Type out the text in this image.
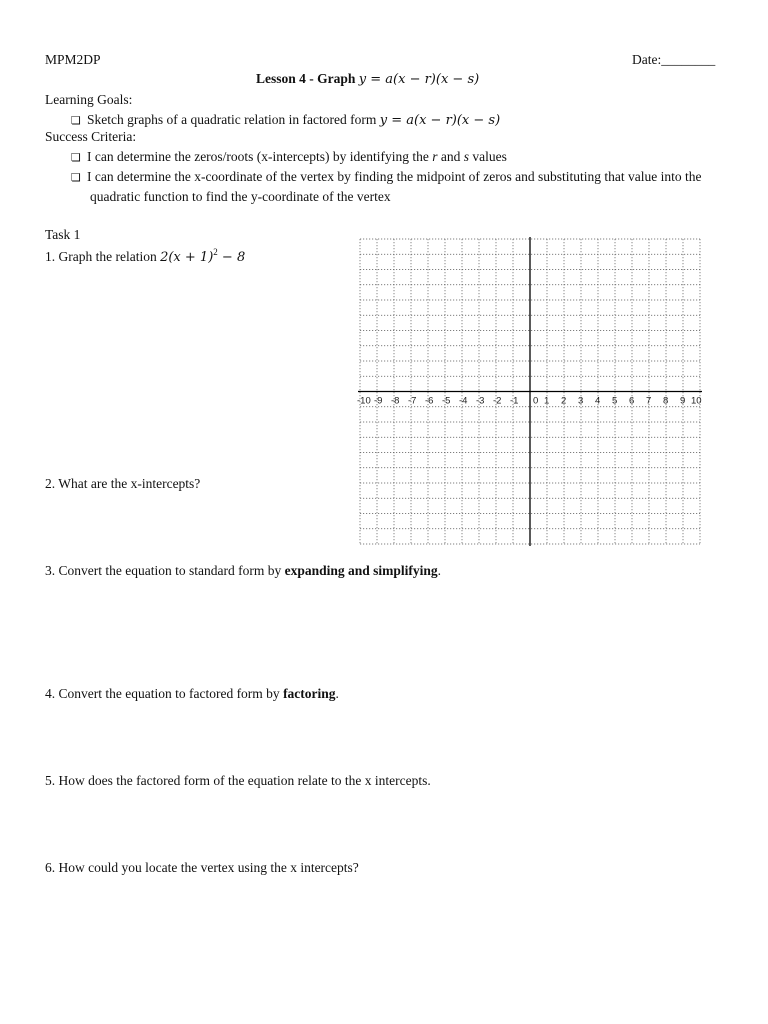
MPM2DP	Date:________
Lesson 4 - Graph y = a(x − r)(x − s)
Learning Goals:
❏ Sketch graphs of a quadratic relation in factored form y = a(x − r)(x − s)
Success Criteria:
❏ I can determine the zeros/roots (x-intercepts) by identifying the r and s values
❏ I can determine the x-coordinate of the vertex by finding the midpoint of zeros and substituting that value into the
quadratic function to find the y-coordinate of the vertex
Task 1
1. Graph the relation $2(x + 1)^2 - 8$
-10 -9 -8 -7 -6 -5 -4 -3 -2 -1 0 1 2 3 4 5 6 7 8 9 10
2. What are the x-intercepts?
3. Convert the equation to standard form by expanding and simplifying.
4. Convert the equation to factored form by factoring.
5. How does the factored form of the equation relate to the x intercepts.
6. How could you locate the vertex using the x intercepts?
